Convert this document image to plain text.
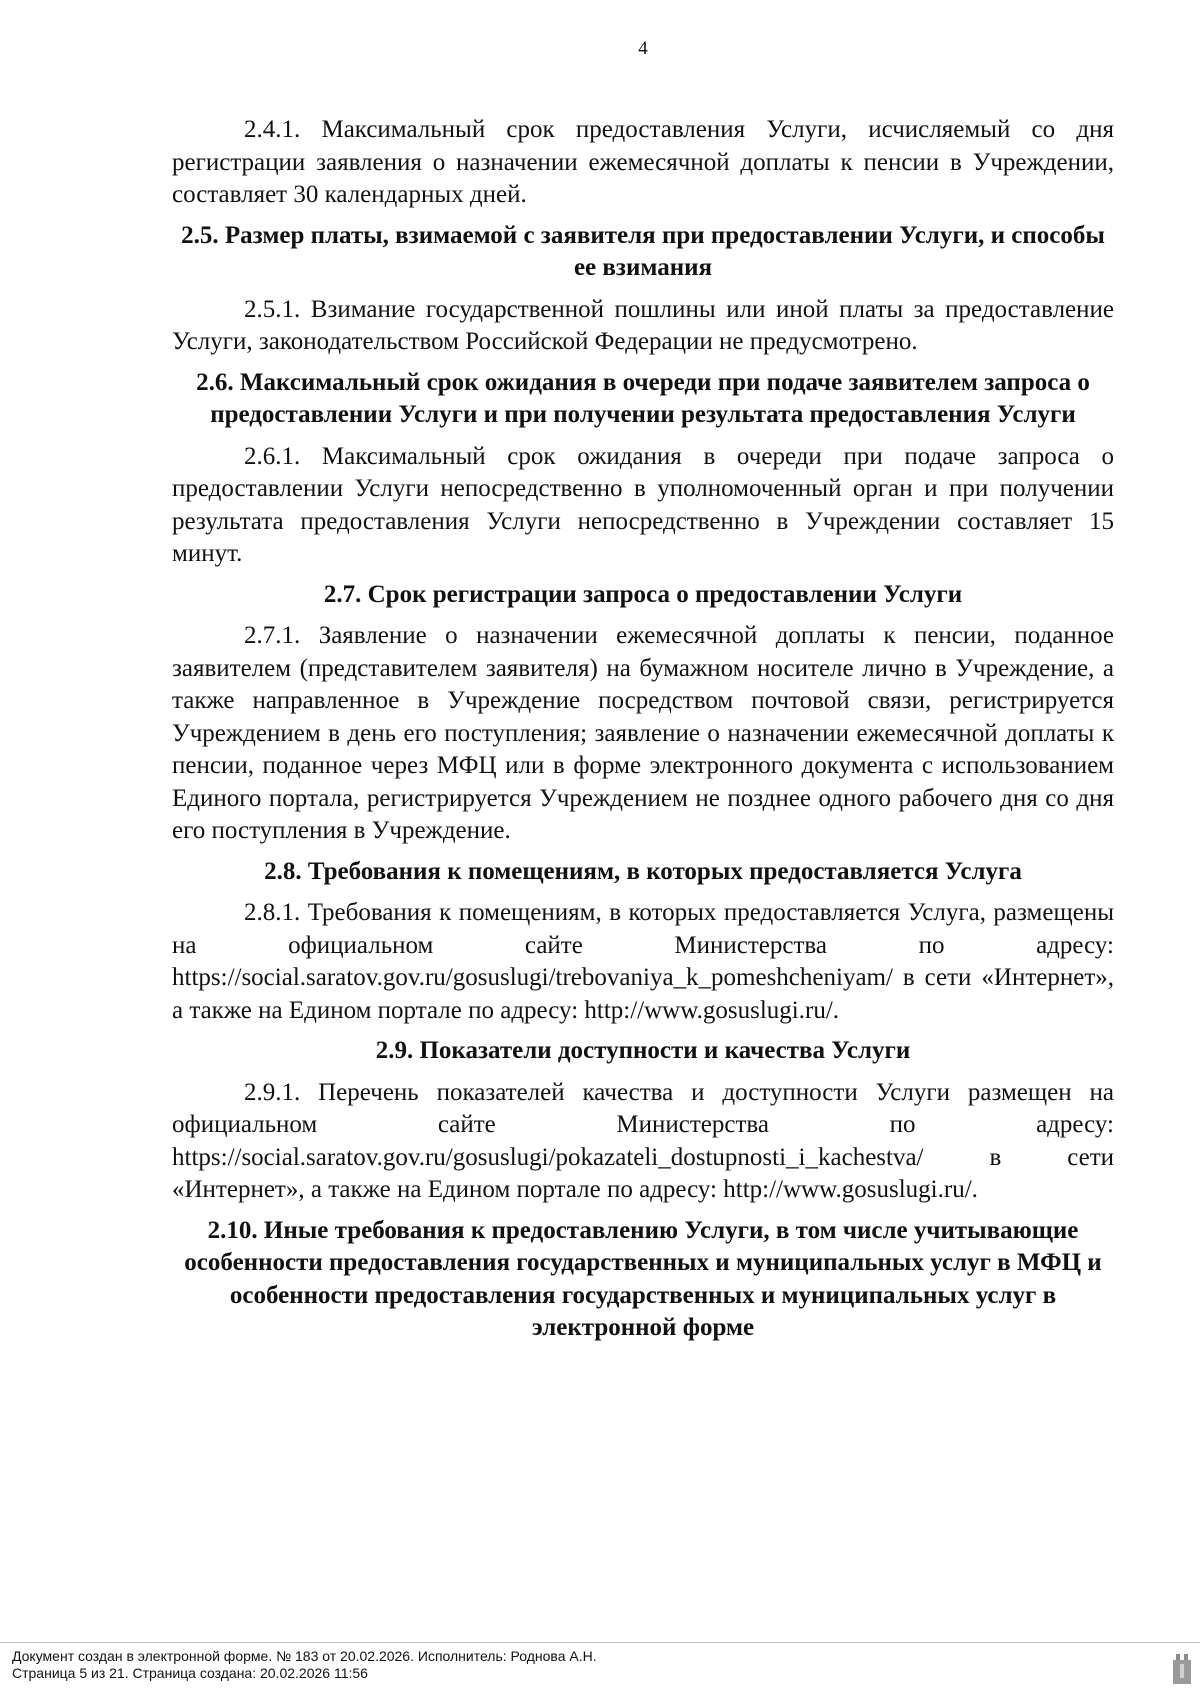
4

2.4.1. Максимальный срок предоставления Услуги, исчисляемый со дня регистрации заявления о назначении ежемесячной доплаты к пенсии в Учреждении, составляет 30 календарных дней.

2.5. Размер платы, взимаемой с заявителя при предоставлении Услуги, и способы ее взимания

2.5.1. Взимание государственной пошлины или иной платы за предоставление Услуги, законодательством Российской Федерации не предусмотрено.

2.6. Максимальный срок ожидания в очереди при подаче заявителем запроса о предоставлении Услуги и при получении результата предоставления Услуги

2.6.1. Максимальный срок ожидания в очереди при подаче запроса о предоставлении Услуги непосредственно в уполномоченный орган и при получении результата предоставления Услуги непосредственно в Учреждении составляет 15 минут.

2.7. Срок регистрации запроса о предоставлении Услуги

2.7.1. Заявление о назначении ежемесячной доплаты к пенсии, поданное заявителем (представителем заявителя) на бумажном носителе лично в Учреждение, а также направленное в Учреждение посредством почтовой связи, регистрируется Учреждением в день его поступления; заявление о назначении ежемесячной доплаты к пенсии, поданное через МФЦ или в форме электронного документа с использованием Единого портала, регистрируется Учреждением не позднее одного рабочего дня со дня его поступления в Учреждение.

2.8. Требования к помещениям, в которых предоставляется Услуга

2.8.1. Требования к помещениям, в которых предоставляется Услуга, размещены на официальном сайте Министерства по адресу: https://social.saratov.gov.ru/gosuslugi/trebovaniya_k_pomeshcheniyam/ в сети «Интернет», а также на Едином портале по адресу: http://www.gosuslugi.ru/.

2.9. Показатели доступности и качества Услуги

2.9.1. Перечень показателей качества и доступности Услуги размещен на официальном сайте Министерства по адресу: https://social.saratov.gov.ru/gosuslugi/pokazateli_dostupnosti_i_kachestva/ в сети «Интернет», а также на Едином портале по адресу: http://www.gosuslugi.ru/.

2.10. Иные требования к предоставлению Услуги, в том числе учитывающие особенности предоставления государственных и муниципальных услуг в МФЦ и особенности предоставления государственных и муниципальных услуг в электронной форме
Документ создан в электронной форме. № 183 от 20.02.2026. Исполнитель: Роднова А.Н.
Страница 5 из 21. Страница создана: 20.02.2026 11:56
